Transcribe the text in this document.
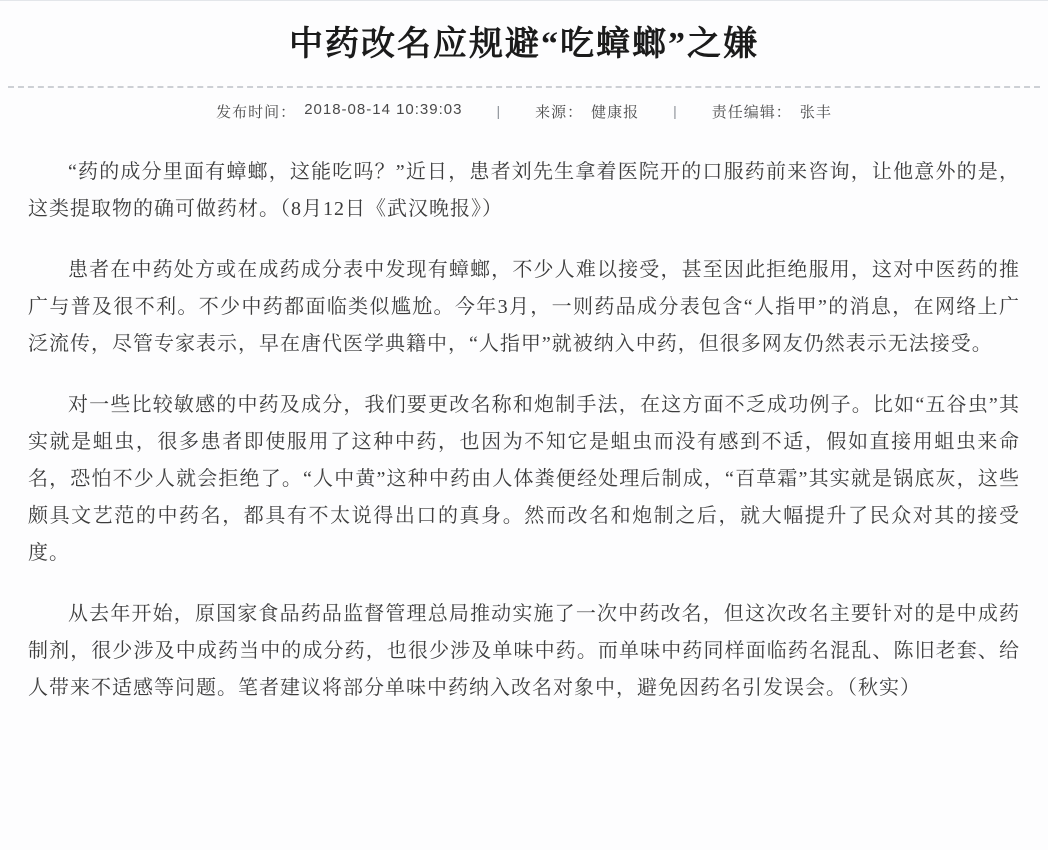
中药改名应规避“吃蟑螂”之嫌
发布时间： 2018-08-14 10:39:03 | 来源： 健康报 | 责任编辑： 张丰

“药的成分里面有蟑螂，这能吃吗？”近日，患者刘先生拿着医院开的口服药前来咨询，让他意外的是，这类提取物的确可做药材。（8月12日《武汉晚报》）

患者在中药处方或在成药成分表中发现有蟑螂，不少人难以接受，甚至因此拒绝服用，这对中医药的推广与普及很不利。不少中药都面临类似尴尬。今年3月，一则药品成分表包含“人指甲”的消息，在网络上广泛流传，尽管专家表示，早在唐代医学典籍中，“人指甲”就被纳入中药，但很多网友仍然表示无法接受。

对一些比较敏感的中药及成分，我们要更改名称和炮制手法，在这方面不乏成功例子。比如“五谷虫”其实就是蛆虫，很多患者即使服用了这种中药，也因为不知它是蛆虫而没有感到不适，假如直接用蛆虫来命名，恐怕不少人就会拒绝了。“人中黄”这种中药由人体粪便经处理后制成，“百草霜”其实就是锅底灰，这些颇具文艺范的中药名，都具有不太说得出口的真身。然而改名和炮制之后，就大幅提升了民众对其的接受度。

从去年开始，原国家食品药品监督管理总局推动实施了一次中药改名，但这次改名主要针对的是中成药制剂，很少涉及中成药当中的成分药，也很少涉及单味中药。而单味中药同样面临药名混乱、陈旧老套、给人带来不适感等问题。笔者建议将部分单味中药纳入改名对象中，避免因药名引发误会。（秋实）
